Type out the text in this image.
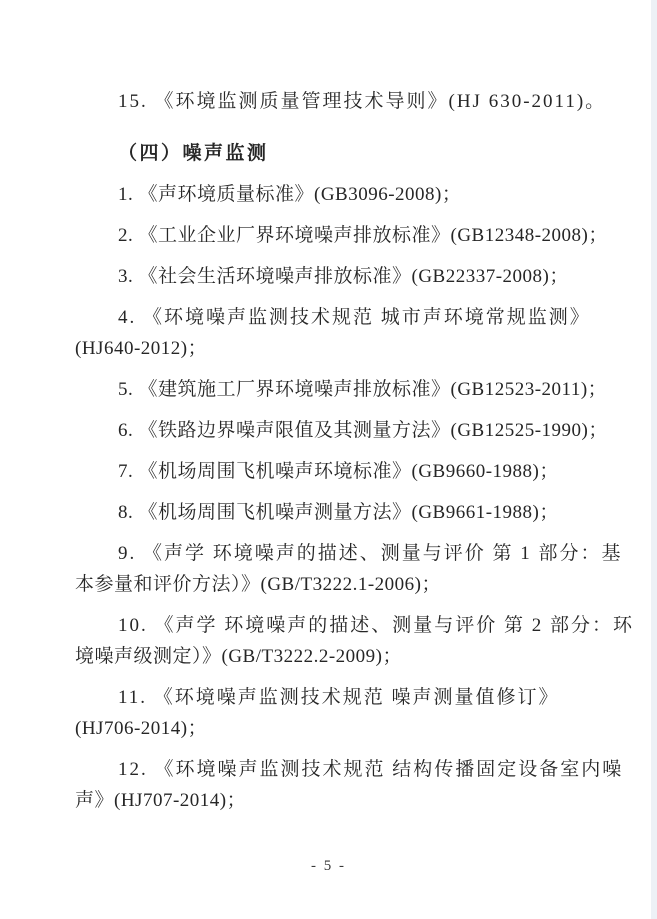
15. 《环境监测质量管理技术导则》(HJ 630-2011)。
（四）噪声监测
1. 《声环境质量标准》(GB3096-2008)；
2. 《工业企业厂界环境噪声排放标准》(GB12348-2008)；
3. 《社会生活环境噪声排放标准》(GB22337-2008)；
4. 《环境噪声监测技术规范 城市声环境常规监测》
(HJ640-2012)；
5. 《建筑施工厂界环境噪声排放标准》(GB12523-2011)；
6. 《铁路边界噪声限值及其测量方法》(GB12525-1990)；
7. 《机场周围飞机噪声环境标准》(GB9660-1988)；
8. 《机场周围飞机噪声测量方法》(GB9661-1988)；
9. 《声学 环境噪声的描述、测量与评价 第 1 部分：基
本参量和评价方法）》(GB/T3222.1-2006)；
10. 《声学 环境噪声的描述、测量与评价 第 2 部分：环
境噪声级测定）》(GB/T3222.2-2009)；
11. 《环境噪声监测技术规范 噪声测量值修订》
(HJ706-2014)；
12. 《环境噪声监测技术规范 结构传播固定设备室内噪
声》(HJ707-2014)；
- 5 -
